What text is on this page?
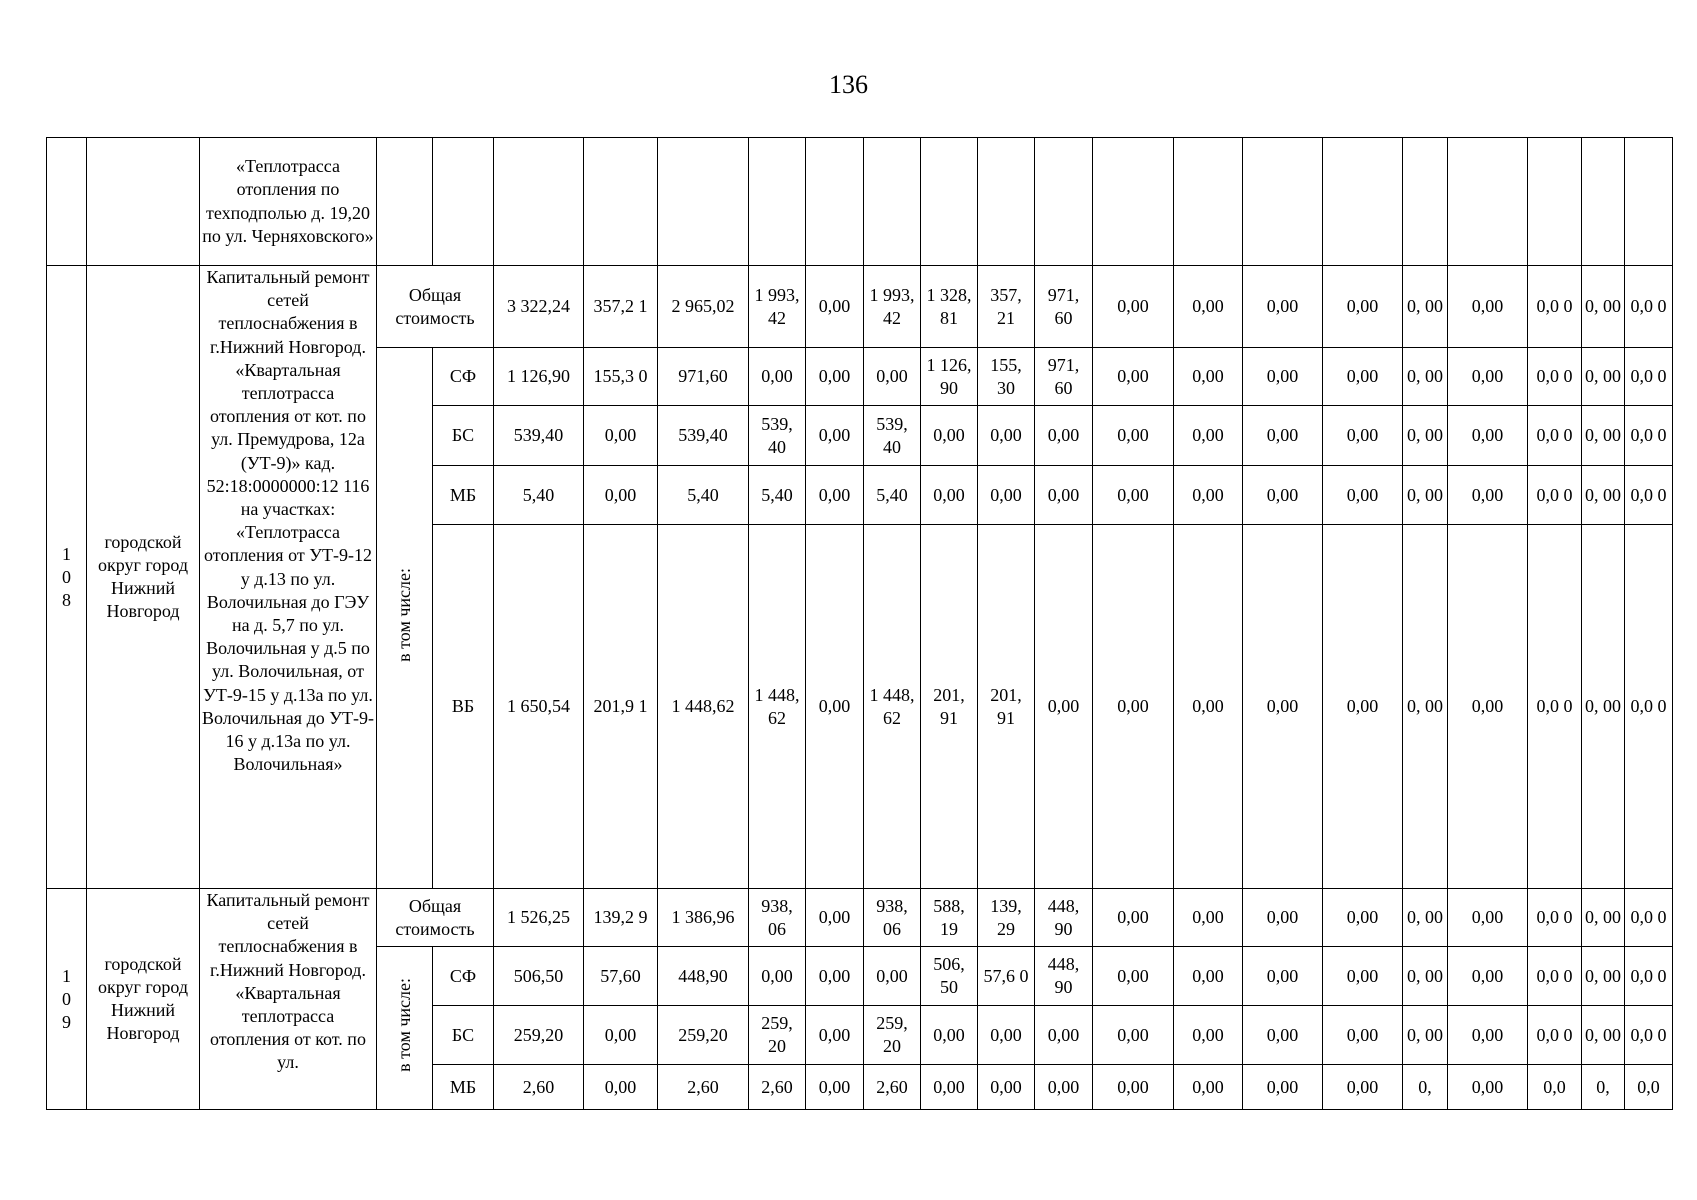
136
		«Теплотрасса отопления по техподполью д. 19,20 по ул. Черняховского»																				
1 0 8	городской округ город Нижний Новгород	Капитальный ремонт сетей теплоснабжения в г.Нижний Новгород. «Квартальная теплотрасса отопления от кот. по ул. Премудрова, 12а (УТ-9)» кад. 52:18:0000000:12 116 на участках: «Теплотрасса отопления от УТ-9-12 у д.13 по ул. Волочильная до ГЭУ на д. 5,7 по ул. Волочильная у д.5 по ул. Волочильная, от УТ-9-15 у д.13а по ул. Волочильная до УТ-9-16 у д.13а по ул. Волочильная»	Общая стоимость		3 322,24	357,2 1	2 965,02	1 993, 42	0,00	1 993, 42	1 328, 81	357, 21	971, 60	0,00	0,00	0,00	0,00	0, 00	0,00	0,0 0	0, 00	0,0 0
			в том числе:	СФ	1 126,90	155,3 0	971,60	0,00	0,00	0,00	1 126, 90	155, 30	971, 60	0,00	0,00	0,00	0,00	0, 00	0,00	0,0 0	0, 00	0,0 0
				БС	539,40	0,00	539,40	539, 40	0,00	539, 40	0,00	0,00	0,00	0,00	0,00	0,00	0,00	0, 00	0,00	0,0 0	0, 00	0,0 0
				МБ	5,40	0,00	5,40	5,40	0,00	5,40	0,00	0,00	0,00	0,00	0,00	0,00	0,00	0, 00	0,00	0,0 0	0, 00	0,0 0
				ВБ	1 650,54	201,9 1	1 448,62	1 448, 62	0,00	1 448, 62	201, 91	201, 91	0,00	0,00	0,00	0,00	0,00	0, 00	0,00	0,0 0	0, 00	0,0 0
1 0 9	городской округ город Нижний Новгород	Капитальный ремонт сетей теплоснабжения в г.Нижний Новгород. «Квартальная теплотрасса отопления от кот. по ул.	Общая стоимость		1 526,25	139,2 9	1 386,96	938, 06	0,00	938, 06	588, 19	139, 29	448, 90	0,00	0,00	0,00	0,00	0, 00	0,00	0,0 0	0, 00	0,0 0
			в том числе:	СФ	506,50	57,60	448,90	0,00	0,00	0,00	506, 50	57,6 0	448, 90	0,00	0,00	0,00	0,00	0, 00	0,00	0,0 0	0, 00	0,0 0
				БС	259,20	0,00	259,20	259, 20	0,00	259, 20	0,00	0,00	0,00	0,00	0,00	0,00	0,00	0, 00	0,00	0,0 0	0, 00	0,0 0
				МБ	2,60	0,00	2,60	2,60	0,00	2,60	0,00	0,00	0,00	0,00	0,00	0,00	0,00	0,	0,00	0,0	0,	0,0
